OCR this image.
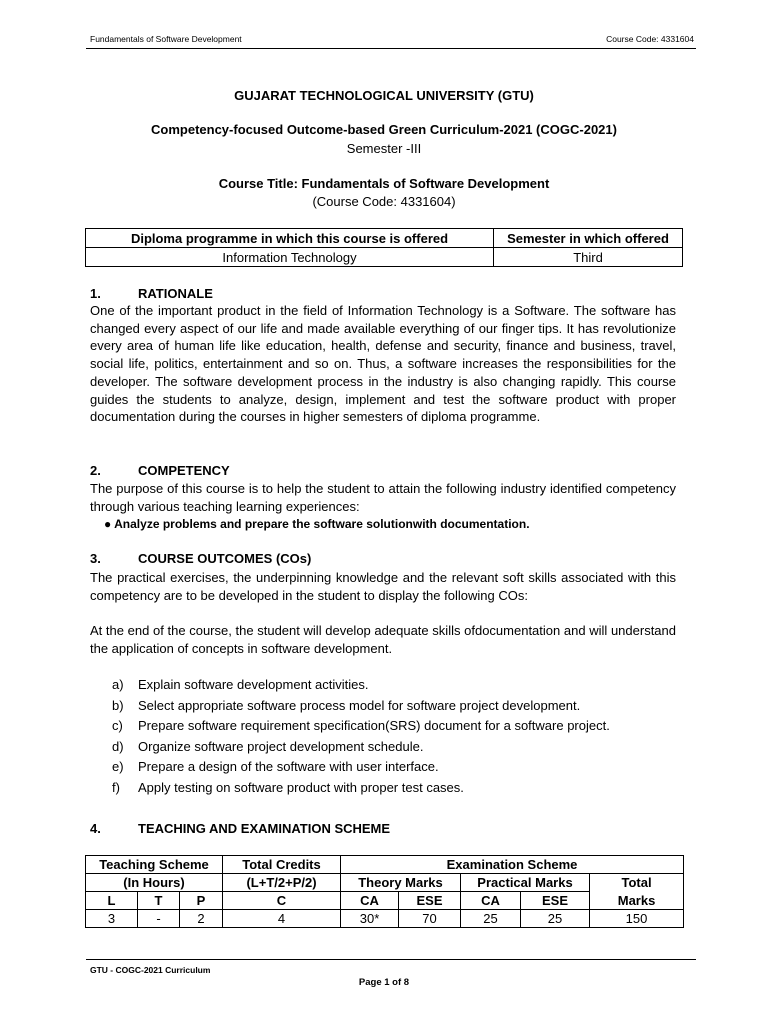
Fundamentals of Software Development	Course Code: 4331604
GUJARAT TECHNOLOGICAL UNIVERSITY (GTU)
Competency-focused Outcome-based Green Curriculum-2021 (COGC-2021)
Semester -III
Course Title: Fundamentals of Software Development
(Course Code: 4331604)
Diploma programme in which this course is offered	Semester in which offered
Information Technology	Third
1.	RATIONALE
One of the important product in the field of Information Technology is a Software. The software has changed every aspect of our life and made available everything of our finger tips. It has revolutionize every area of human life like education, health, defense and security, finance and business, travel, social life, politics, entertainment and so on. Thus, a software increases the responsibilities for the developer. The software development process in the industry is also changing rapidly. This course guides the students to analyze, design, implement and test the software product with proper documentation during the courses in higher semesters of diploma programme.
2.	COMPETENCY
The purpose of this course is to help the student to attain the following industry identified competency through various teaching learning experiences:
● Analyze problems and prepare the software solutionwith documentation.
3.	COURSE OUTCOMES (COs)
The practical exercises, the underpinning knowledge and the relevant soft skills associated with this competency are to be developed in the student to display the following COs:
At the end of the course, the student will develop adequate skills ofdocumentation and will understand the application of concepts in software development.
a) Explain software development activities.
b) Select appropriate software process model for software project development.
c) Prepare software requirement specification(SRS) document for a software project.
d) Organize software project development schedule.
e) Prepare a design of the software with user interface.
f) Apply testing on software product with proper test cases.
4.	TEACHING AND EXAMINATION SCHEME
Teaching Scheme			Total Credits	Examination Scheme				
(In Hours)			(L+T/2+P/2)	Theory Marks		Practical Marks		Total
L	T	P	C	CA	ESE	CA	ESE	Marks
3	-	2	4	30*	70	25	25	150
GTU - COGC-2021 Curriculum
Page 1 of 8
